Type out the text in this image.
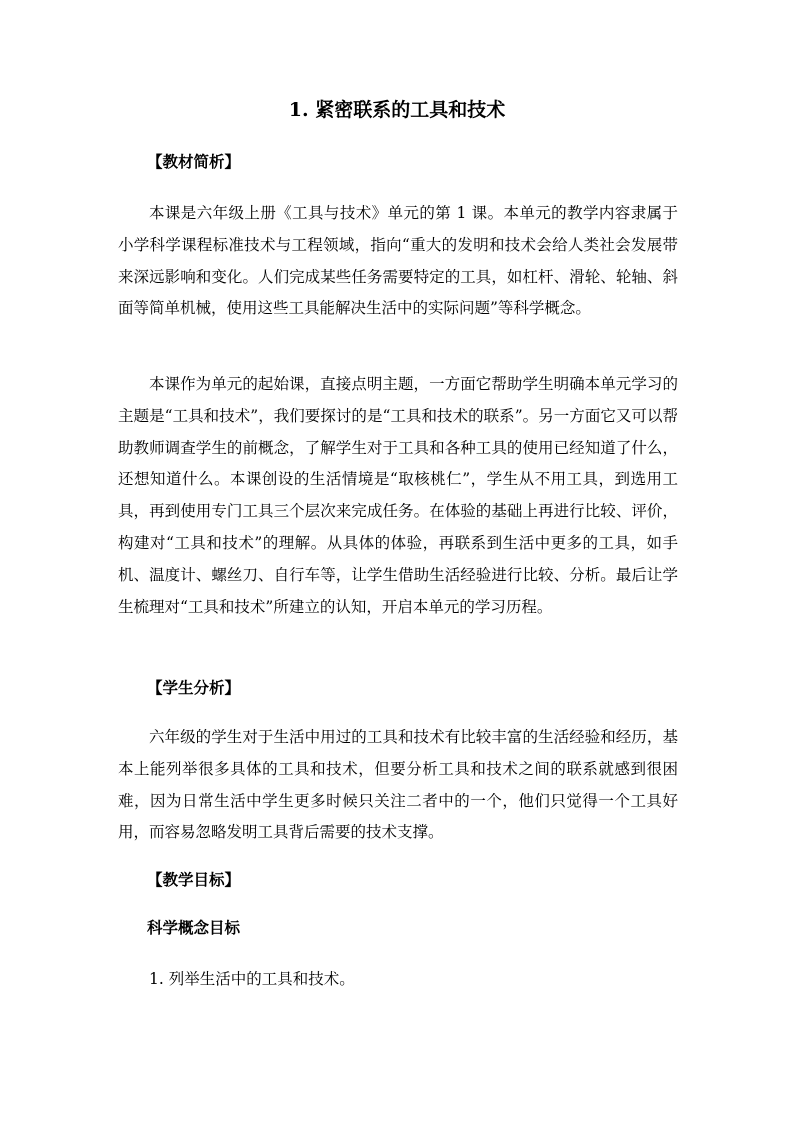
1. 紧密联系的工具和技术
【教材简析】

本课是六年级上册《工具与技术》单元的第 1 课。本单元的教学内容隶属于小学科学课程标准技术与工程领域，指向“重大的发明和技术会给人类社会发展带来深远影响和变化。人们完成某些任务需要特定的工具，如杠杆、滑轮、轮轴、斜面等简单机械，使用这些工具能解决生活中的实际问题”等科学概念。

本课作为单元的起始课，直接点明主题，一方面它帮助学生明确本单元学习的主题是“工具和技术”，我们要探讨的是“工具和技术的联系”。另一方面它又可以帮助教师调查学生的前概念，了解学生对于工具和各种工具的使用已经知道了什么，还想知道什么。本课创设的生活情境是“取核桃仁”，学生从不用工具，到选用工具，再到使用专门工具三个层次来完成任务。在体验的基础上再进行比较、评价，构建对“工具和技术”的理解。从具体的体验，再联系到生活中更多的工具，如手机、温度计、螺丝刀、自行车等，让学生借助生活经验进行比较、分析。最后让学生梳理对“工具和技术”所建立的认知，开启本单元的学习历程。

【学生分析】

六年级的学生对于生活中用过的工具和技术有比较丰富的生活经验和经历，基本上能列举很多具体的工具和技术，但要分析工具和技术之间的联系就感到很困难，因为日常生活中学生更多时候只关注二者中的一个，他们只觉得一个工具好用，而容易忽略发明工具背后需要的技术支撑。

【教学目标】
科学概念目标

1. 列举生活中的工具和技术。
